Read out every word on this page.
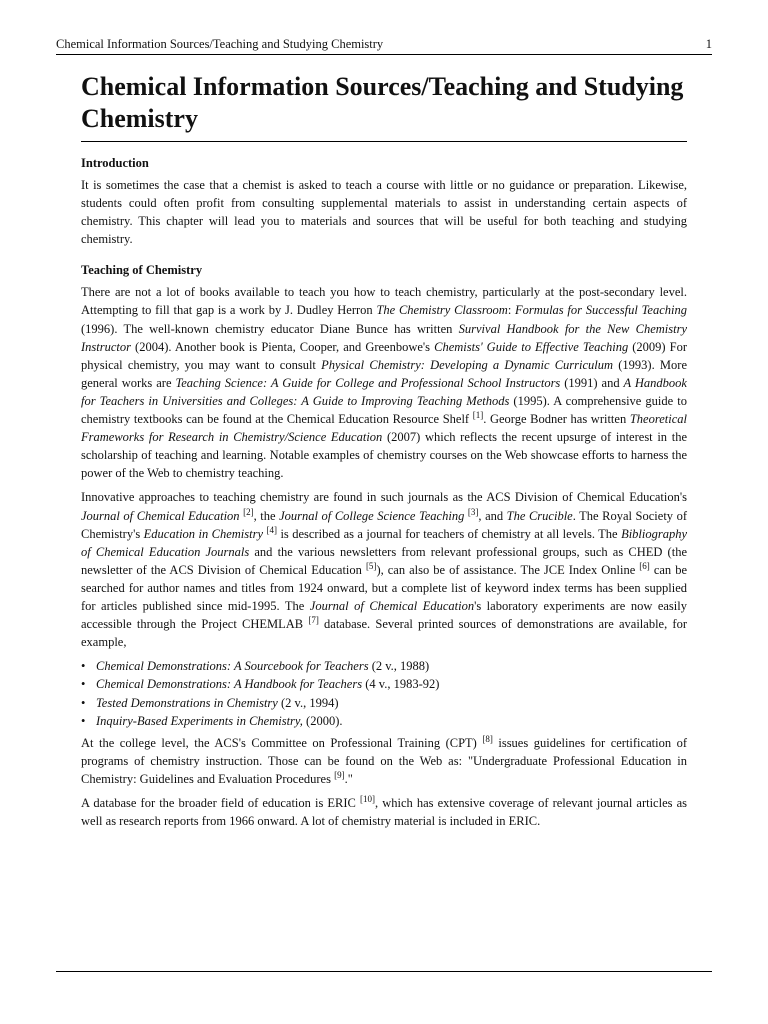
Chemical Information Sources/Teaching and Studying Chemistry	1
Chemical Information Sources/Teaching and Studying Chemistry
Introduction

It is sometimes the case that a chemist is asked to teach a course with little or no guidance or preparation. Likewise, students could often profit from consulting supplemental materials to assist in understanding certain aspects of chemistry. This chapter will lead you to materials and sources that will be useful for both teaching and studying chemistry.

Teaching of Chemistry

There are not a lot of books available to teach you how to teach chemistry, particularly at the post-secondary level. Attempting to fill that gap is a work by J. Dudley Herron The Chemistry Classroom: Formulas for Successful Teaching (1996). The well-known chemistry educator Diane Bunce has written Survival Handbook for the New Chemistry Instructor (2004). Another book is Pienta, Cooper, and Greenbowe's Chemists' Guide to Effective Teaching (2009) For physical chemistry, you may want to consult Physical Chemistry: Developing a Dynamic Curriculum (1993). More general works are Teaching Science: A Guide for College and Professional School Instructors (1991) and A Handbook for Teachers in Universities and Colleges: A Guide to Improving Teaching Methods (1995). A comprehensive guide to chemistry textbooks can be found at the Chemical Education Resource Shelf [1]. George Bodner has written Theoretical Frameworks for Research in Chemistry/Science Education (2007) which reflects the recent upsurge of interest in the scholarship of teaching and learning. Notable examples of chemistry courses on the Web showcase efforts to harness the power of the Web to chemistry teaching.

Innovative approaches to teaching chemistry are found in such journals as the ACS Division of Chemical Education's Journal of Chemical Education [2], the Journal of College Science Teaching [3], and The Crucible. The Royal Society of Chemistry's Education in Chemistry [4] is described as a journal for teachers of chemistry at all levels. The Bibliography of Chemical Education Journals and the various newsletters from relevant professional groups, such as CHED (the newsletter of the ACS Division of Chemical Education [5]), can also be of assistance. The JCE Index Online [6] can be searched for author names and titles from 1924 onward, but a complete list of keyword index terms has been supplied for articles published since mid-1995. The Journal of Chemical Education's laboratory experiments are now easily accessible through the Project CHEMLAB [7] database. Several printed sources of demonstrations are available, for example,

• Chemical Demonstrations: A Sourcebook for Teachers (2 v., 1988)
• Chemical Demonstrations: A Handbook for Teachers (4 v., 1983-92)
• Tested Demonstrations in Chemistry (2 v., 1994)
• Inquiry-Based Experiments in Chemistry, (2000).

At the college level, the ACS's Committee on Professional Training (CPT) [8] issues guidelines for certification of programs of chemistry instruction. Those can be found on the Web as: "Undergraduate Professional Education in Chemistry: Guidelines and Evaluation Procedures [9]."

A database for the broader field of education is ERIC [10], which has extensive coverage of relevant journal articles as well as research reports from 1966 onward. A lot of chemistry material is included in ERIC.
